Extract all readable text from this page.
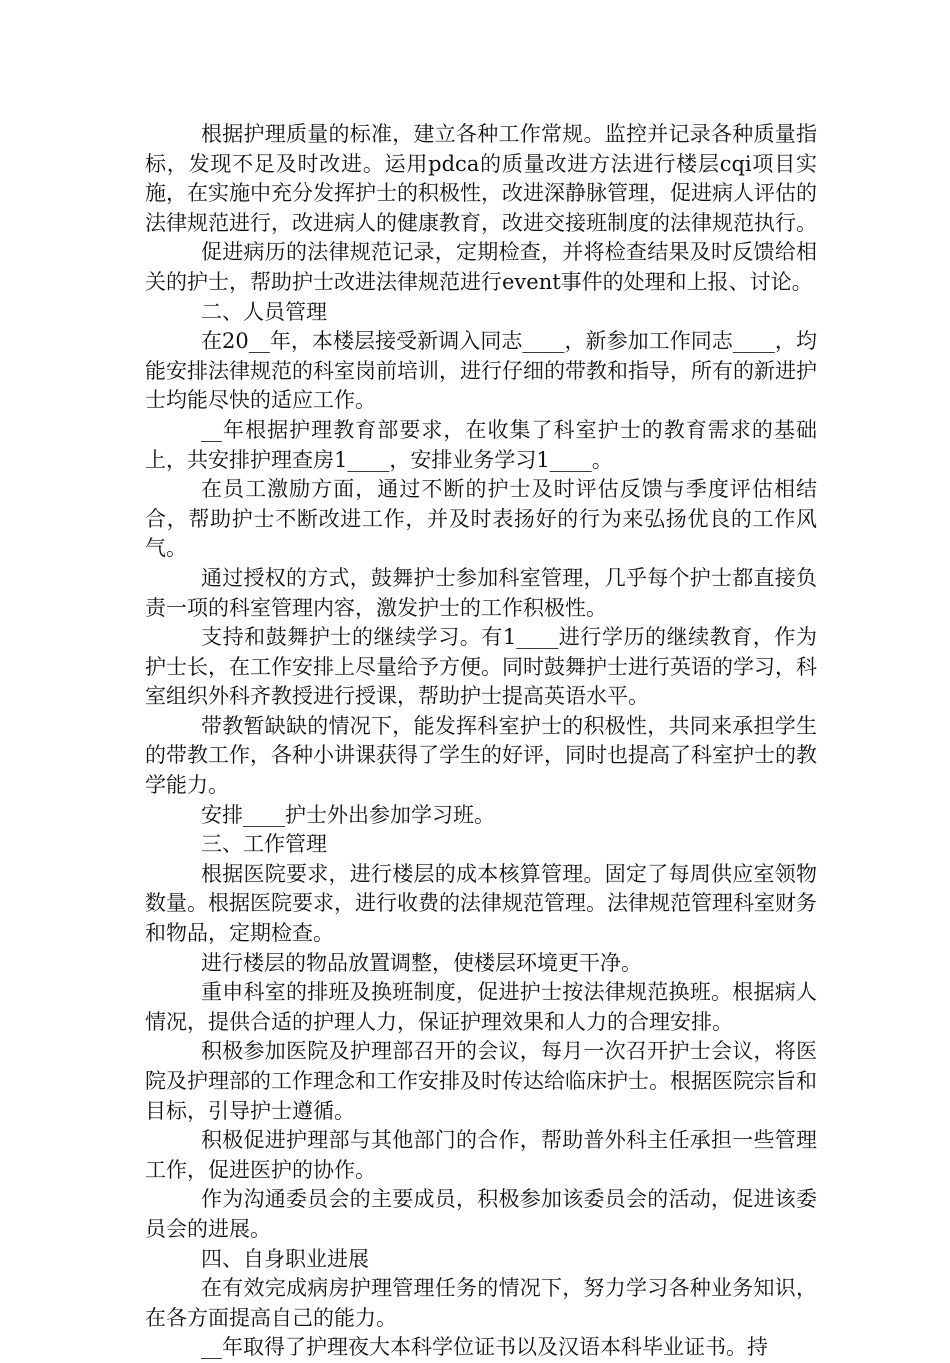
根据护理质量的标准，建立各种工作常规。监控并记录各种质量指标，发现不足及时改进。运用pdca的质量改进方法进行楼层cqi项目实施，在实施中充分发挥护士的积极性，改进深静脉管理，促进病人评估的法律规范进行，改进病人的健康教育，改进交接班制度的法律规范执行。

促进病历的法律规范记录，定期检查，并将检查结果及时反馈给相关的护士，帮助护士改进法律规范进行event事件的处理和上报、讨论。

二、人员管理

在20__年，本楼层接受新调入同志____，新参加工作同志____，均能安排法律规范的科室岗前培训，进行仔细的带教和指导，所有的新进护士均能尽快的适应工作。

__年根据护理教育部要求，在收集了科室护士的教育需求的基础上，共安排护理查房1____，安排业务学习1____。

在员工激励方面，通过不断的护士及时评估反馈与季度评估相结合，帮助护士不断改进工作，并及时表扬好的行为来弘扬优良的工作风气。

通过授权的方式，鼓舞护士参加科室管理，几乎每个护士都直接负责一项的科室管理内容，激发护士的工作积极性。

支持和鼓舞护士的继续学习。有1____进行学历的继续教育，作为护士长，在工作安排上尽量给予方便。同时鼓舞护士进行英语的学习，科室组织外科齐教授进行授课，帮助护士提高英语水平。

带教暂缺缺的情况下，能发挥科室护士的积极性，共同来承担学生的带教工作，各种小讲课获得了学生的好评，同时也提高了科室护士的教学能力。

安排____护士外出参加学习班。

三、工作管理

根据医院要求，进行楼层的成本核算管理。固定了每周供应室领物数量。根据医院要求，进行收费的法律规范管理。法律规范管理科室财务和物品，定期检查。

进行楼层的物品放置调整，使楼层环境更干净。

重申科室的排班及换班制度，促进护士按法律规范换班。根据病人情况，提供合适的护理人力，保证护理效果和人力的合理安排。

积极参加医院及护理部召开的会议，每月一次召开护士会议，将医院及护理部的工作理念和工作安排及时传达给临床护士。根据医院宗旨和目标，引导护士遵循。

积极促进护理部与其他部门的合作，帮助普外科主任承担一些管理工作，促进医护的协作。

作为沟通委员会的主要成员，积极参加该委员会的活动，促进该委员会的进展。

四、自身职业进展

在有效完成病房护理管理任务的情况下，努力学习各种业务知识，在各方面提高自己的能力。

__年取得了护理夜大本科学位证书以及汉语本科毕业证书。持
